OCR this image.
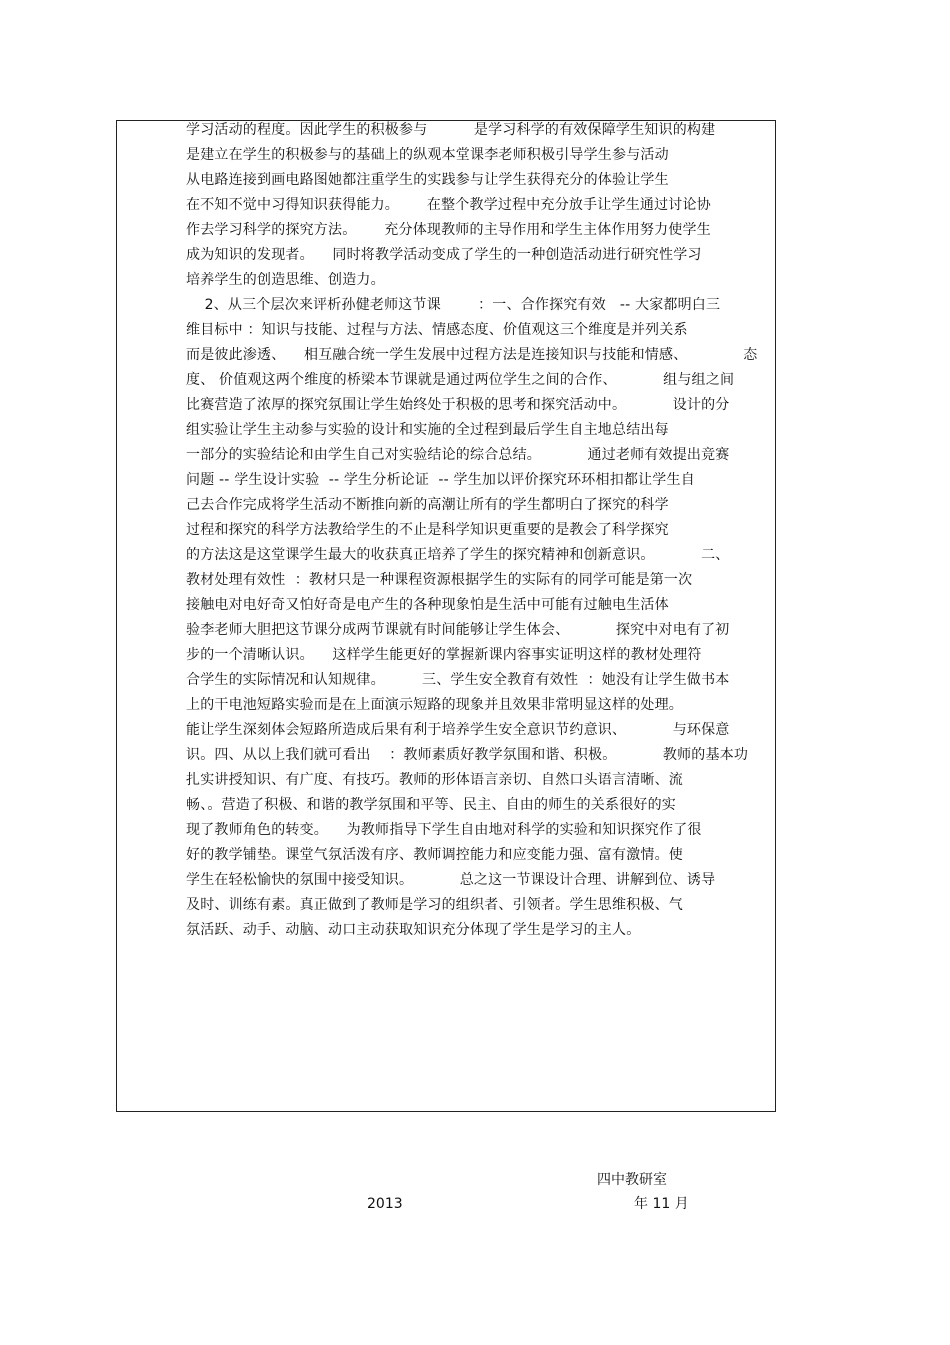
学习活动的程度。因此学生的积极参与          是学习科学的有效保障学生知识的构建
是建立在学生的积极参与的基础上的纵观本堂课李老师积极引导学生参与活动
从电路连接到画电路图她都注重学生的实践参与让学生获得充分的体验让学生
在不知不觉中习得知识获得能力。      在整个教学过程中充分放手让学生通过讨论协
作去学习科学的探究方法。      充分体现教师的主导作用和学生主体作用努力使学生
成为知识的发现者。    同时将教学活动变成了学生的一种创造活动进行研究性学习
培养学生的创造思维、创造力。
2、从三个层次来评析孙健老师这节课        ：一、合作探究有效   -- 大家都明白三
维目标中 ：知识与技能、过程与方法、情感态度、价值观这三个维度是并列关系
而是彼此渗透、    相互融合统一学生发展中过程方法是连接知识与技能和情感、            态
度、 价值观这两个维度的桥梁本节课就是通过两位学生之间的合作、          组与组之间
比赛营造了浓厚的探究氛围让学生始终处于积极的思考和探究活动中。          设计的分
组实验让学生主动参与实验的设计和实施的全过程到最后学生自主地总结出每
一部分的实验结论和由学生自己对实验结论的综合总结。          通过老师有效提出竞赛
问题 -- 学生设计实验  -- 学生分析论证  -- 学生加以评价探究环环相扣都让学生自
己去合作完成将学生活动不断推向新的高潮让所有的学生都明白了探究的科学
过程和探究的科学方法教给学生的不止是科学知识更重要的是教会了科学探究
的方法这是这堂课学生最大的收获真正培养了学生的探究精神和创新意识。          二、
教材处理有效性  ：教材只是一种课程资源根据学生的实际有的同学可能是第一次
接触电对电好奇又怕好奇是电产生的各种现象怕是生活中可能有过触电生活体
验李老师大胆把这节课分成两节课就有时间能够让学生体会、          探究中对电有了初
步的一个清晰认识。    这样学生能更好的掌握新课内容事实证明这样的教材处理符
合学生的实际情况和认知规律。        三、学生安全教育有效性  ：她没有让学生做书本
上的干电池短路实验而是在上面演示短路的现象并且效果非常明显这样的处理。
能让学生深刻体会短路所造成后果有利于培养学生安全意识节约意识、          与环保意
识。四、从以上我们就可看出    ：教师素质好教学氛围和谐、积极。          教师的基本功
扎实讲授知识、有广度、有技巧。教师的形体语言亲切、自然口头语言清晰、流
畅、。营造了积极、和谐的教学氛围和平等、民主、自由的师生的关系很好的实
现了教师角色的转变。    为教师指导下学生自由地对科学的实验和知识探究作了很
好的教学铺垫。课堂气氛活泼有序、教师调控能力和应变能力强、富有激情。使
学生在轻松愉快的氛围中接受知识。          总之这一节课设计合理、讲解到位、诱导
及时、训练有素。真正做到了教师是学习的组织者、引领者。学生思维积极、气
氛活跃、动手、动脑、动口主动获取知识充分体现了学生是学习的主人。
四中教研室
2013	年 11 月
